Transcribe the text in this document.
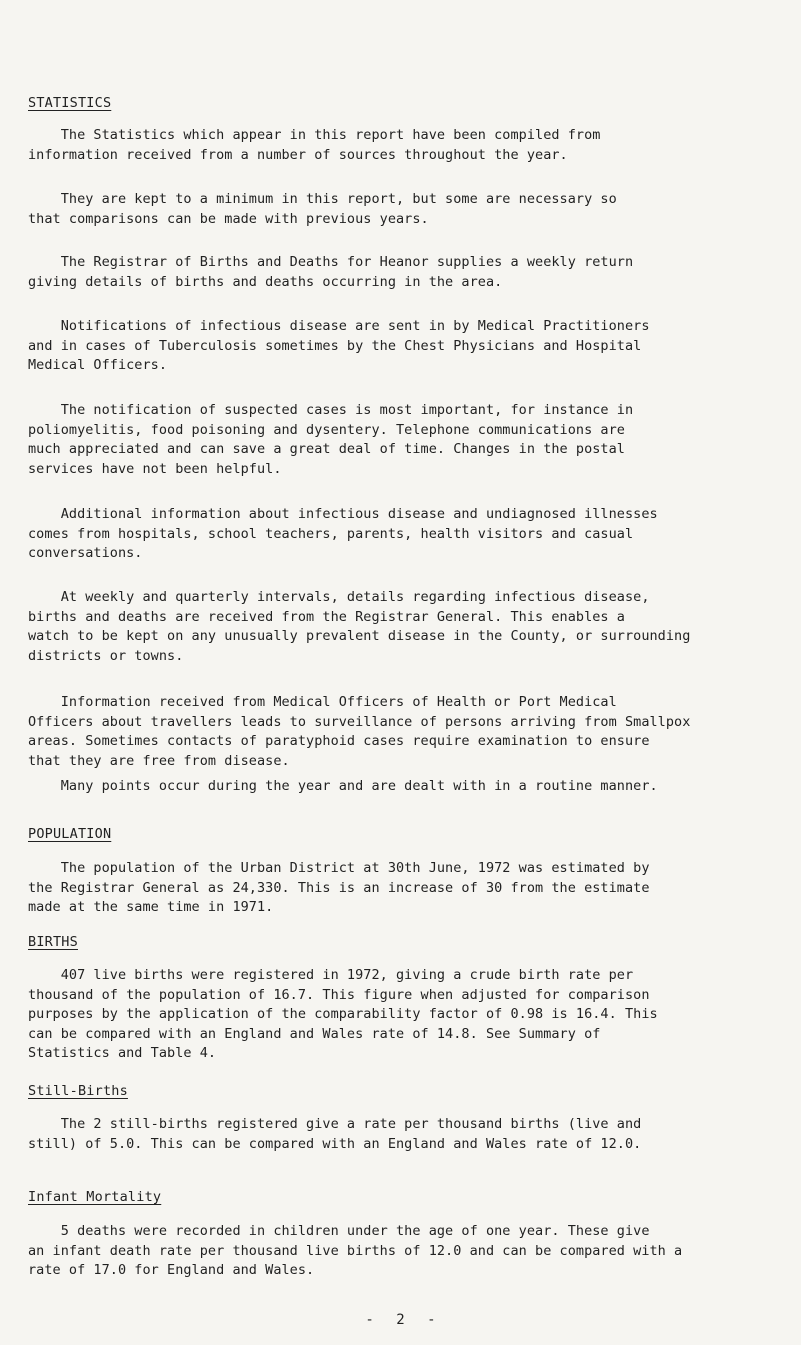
STATISTICS
The Statistics which appear in this report have been compiled from
information received from a number of sources throughout the year.
They are kept to a minimum in this report, but some are necessary so
that comparisons can be made with previous years.
The Registrar of Births and Deaths for Heanor supplies a weekly return
giving details of births and deaths occurring in the area.
Notifications of infectious disease are sent in by Medical Practitioners
and in cases of Tuberculosis sometimes by the Chest Physicians and Hospital
Medical Officers.
The notification of suspected cases is most important, for instance in
poliomyelitis, food poisoning and dysentery. Telephone communications are
much appreciated and can save a great deal of time. Changes in the postal
services have not been helpful.
Additional information about infectious disease and undiagnosed illnesses
comes from hospitals, school teachers, parents, health visitors and casual
conversations.
At weekly and quarterly intervals, details regarding infectious disease,
births and deaths are received from the Registrar General. This enables a
watch to be kept on any unusually prevalent disease in the County, or surrounding
districts or towns.
Information received from Medical Officers of Health or Port Medical
Officers about travellers leads to surveillance of persons arriving from Smallpox
areas. Sometimes contacts of paratyphoid cases require examination to ensure
that they are free from disease.
Many points occur during the year and are dealt with in a routine manner.
POPULATION
The population of the Urban District at 30th June, 1972 was estimated by
the Registrar General as 24,330. This is an increase of 30 from the estimate
made at the same time in 1971.
BIRTHS
407 live births were registered in 1972, giving a crude birth rate per
thousand of the population of 16.7. This figure when adjusted for comparison
purposes by the application of the comparability factor of 0.98 is 16.4. This
can be compared with an England and Wales rate of 14.8. See Summary of
Statistics and Table 4.
Still-Births
The 2 still-births registered give a rate per thousand births (live and
still) of 5.0. This can be compared with an England and Wales rate of 12.0.
Infant Mortality
5 deaths were recorded in children under the age of one year. These give
an infant death rate per thousand live births of 12.0 and can be compared with a
rate of 17.0 for England and Wales.
- 2 -
